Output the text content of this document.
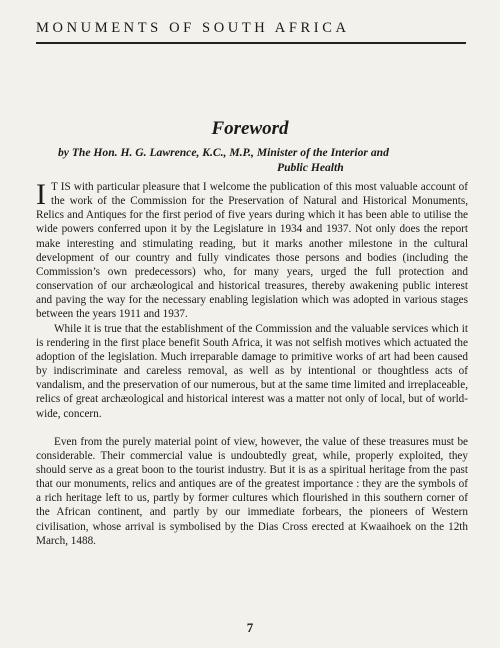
MONUMENTS OF SOUTH AFRICA
Foreword
by The Hon. H. G. Lawrence, K.C., M.P., Minister of the Interior and
Public Health

I T IS with particular pleasure that I welcome the publication of this most valuable account of the work of the Commission for the Preservation of Natural and Historical Monuments, Relics and Antiques for the first period of five years during which it has been able to utilise the wide powers conferred upon it by the Legislature in 1934 and 1937. Not only does the report make interesting and stimulating reading, but it marks another milestone in the cultural development of our country and fully vindicates those persons and bodies (including the Commission’s own predecessors) who, for many years, urged the full protection and conservation of our archæological and historical treasures, thereby awakening public interest and paving the way for the necessary enabling legislation which was adopted in various stages between the years 1911 and 1937.

While it is true that the establishment of the Commission and the valuable services which it is rendering in the first place benefit South Africa, it was not selfish motives which actuated the adoption of the legislation. Much irreparable damage to primitive works of art had been caused by indiscriminate and careless removal, as well as by intentional or thoughtless acts of vandalism, and the preservation of our numerous, but at the same time limited and irreplaceable, relics of great archæological and historical interest was a matter not only of local, but of world-wide, concern.

Even from the purely material point of view, however, the value of these treasures must be considerable. Their commercial value is undoubtedly great, while, properly exploited, they should serve as a great boon to the tourist industry. But it is as a spiritual heritage from the past that our monuments, relics and antiques are of the greatest importance : they are the symbols of a rich heritage left to us, partly by former cultures which flourished in this southern corner of the African continent, and partly by our immediate forbears, the pioneers of Western civilisation, whose arrival is symbolised by the Dias Cross erected at Kwaaihoek on the 12th March, 1488.

7
